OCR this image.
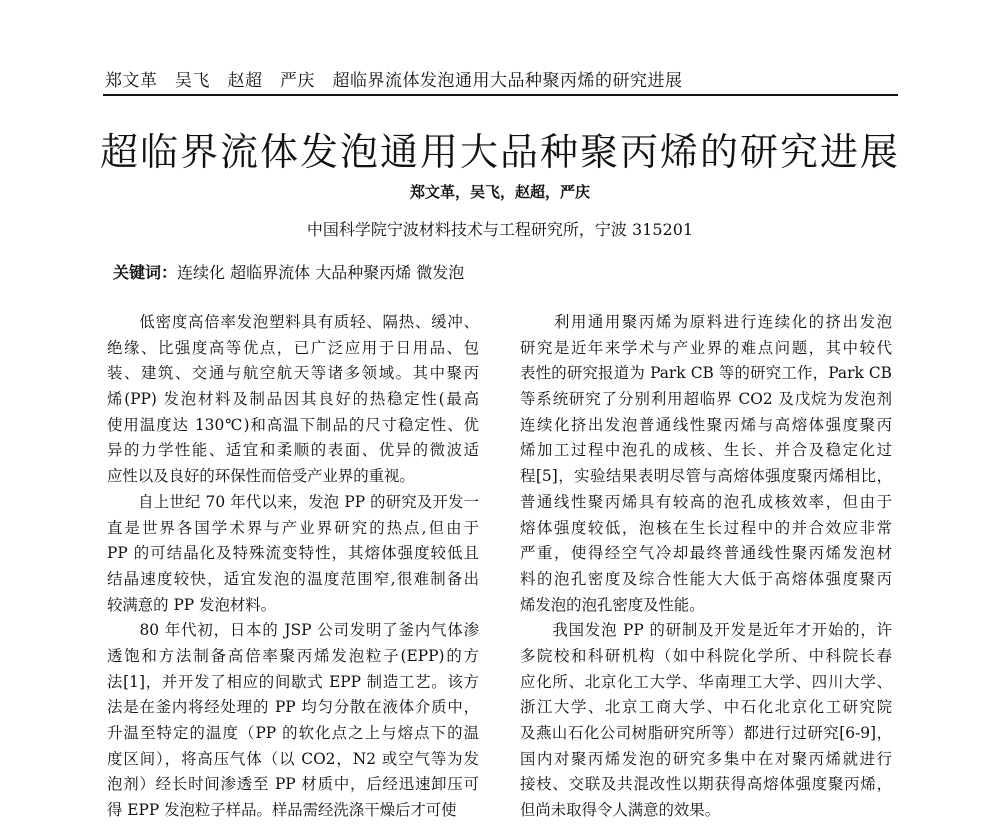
郑文革　吴飞　赵超　严庆　超临界流体发泡通用大品种聚丙烯的研究进展
超临界流体发泡通用大品种聚丙烯的研究进展
郑文革，吴飞，赵超，严庆
中国科学院宁波材料技术与工程研究所，宁波 315201
关键词：连续化 超临界流体 大品种聚丙烯 微发泡
　　低密度高倍率发泡塑料具有质轻、隔热、缓冲、
绝缘、比强度高等优点，已广泛应用于日用品、包
装、建筑、交通与航空航天等诸多领域。其中聚丙
烯(PP) 发泡材料及制品因其良好的热稳定性(最高
使用温度达 130℃)和高温下制品的尺寸稳定性、优
异的力学性能、适宜和柔顺的表面、优异的微波适
应性以及良好的环保性而倍受产业界的重视。
　　自上世纪 70 年代以来，发泡 PP 的研究及开发一
直是世界各国学术界与产业界研究的热点,但由于
PP 的可结晶化及特殊流变特性，其熔体强度较低且
结晶速度较快，适宜发泡的温度范围窄,很难制备出
较满意的 PP 发泡材料。
　　80 年代初，日本的 JSP 公司发明了釜内气体渗
透饱和方法制备高倍率聚丙烯发泡粒子(EPP)的方
法[1]，并开发了相应的间歇式 EPP 制造工艺。该方
法是在釜内将经处理的 PP 均匀分散在液体介质中，
升温至特定的温度（PP 的软化点之上与熔点下的温
度区间），将高压气体（以 CO2，N2 或空气等为发
泡剂）经长时间渗透至 PP 材质中，后经迅速卸压可
得 EPP 发泡粒子样品。样品需经洗涤干燥后才可使
　　利用通用聚丙烯为原料进行连续化的挤出发泡
研究是近年来学术与产业界的难点问题，其中较代
表性的研究报道为 Park CB 等的研究工作，Park CB
等系统研究了分别利用超临界 CO2 及戊烷为发泡剂
连续化挤出发泡普通线性聚丙烯与高熔体强度聚丙
烯加工过程中泡孔的成核、生长、并合及稳定化过
程[5]，实验结果表明尽管与高熔体强度聚丙烯相比，
普通线性聚丙烯具有较高的泡孔成核效率，但由于
熔体强度较低，泡核在生长过程中的并合效应非常
严重，使得经空气冷却最终普通线性聚丙烯发泡材
料的泡孔密度及综合性能大大低于高熔体强度聚丙
烯发泡的泡孔密度及性能。
　　我国发泡 PP 的研制及开发是近年才开始的，许
多院校和科研机构（如中科院化学所、中科院长春
应化所、北京化工大学、华南理工大学、四川大学、
浙江大学、北京工商大学、中石化北京化工研究院
及燕山石化公司树脂研究所等）都进行过研究[6-9]，
国内对聚丙烯发泡的研究多集中在对聚丙烯就进行
接枝、交联及共混改性以期获得高熔体强度聚丙烯，
但尚未取得令人满意的效果。
